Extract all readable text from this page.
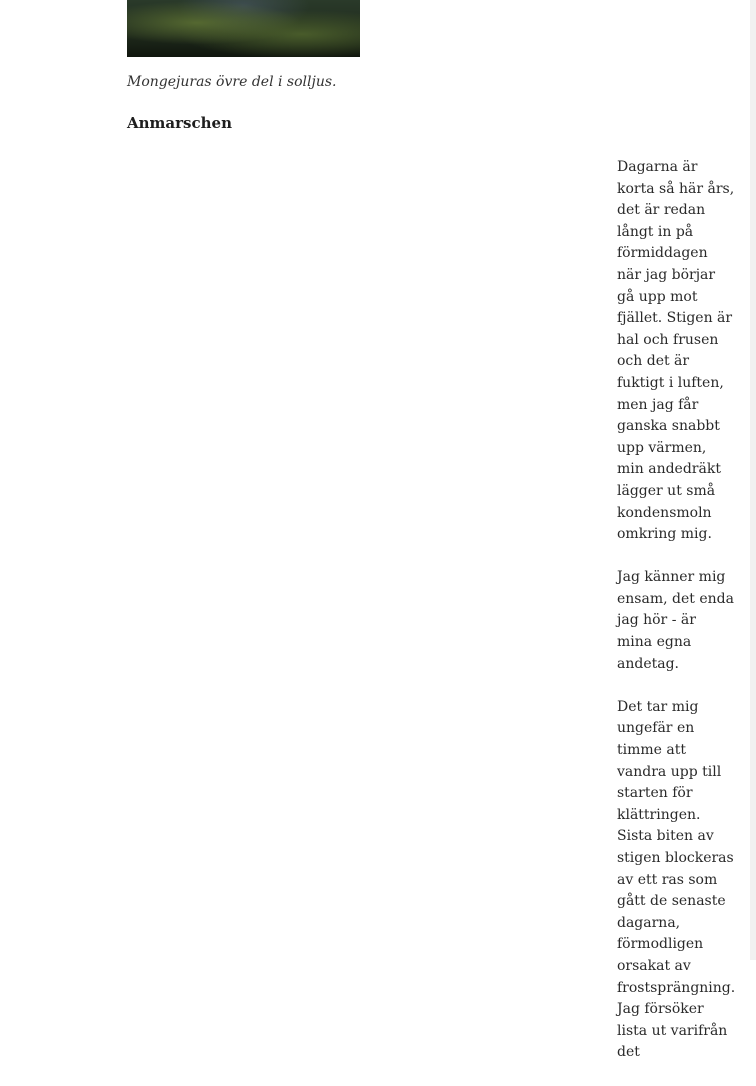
Mongejuras övre del i solljus.
Anmarschen

Dagarna är korta så här års, det är redan långt in på förmiddagen när jag börjar gå upp mot fjället. Stigen är hal och frusen och det är fuktigt i luften, men jag får ganska snabbt upp värmen, min andedräkt lägger ut små kondensmoln omkring mig.

Jag känner mig ensam, det enda jag hör - är mina egna andetag.

Det tar mig ungefär en timme att vandra upp till starten för klättringen. Sista biten av stigen blockeras av ett ras som gått de senaste dagarna, förmodligen orsakat av frostsprängning. Jag försöker lista ut varifrån det
